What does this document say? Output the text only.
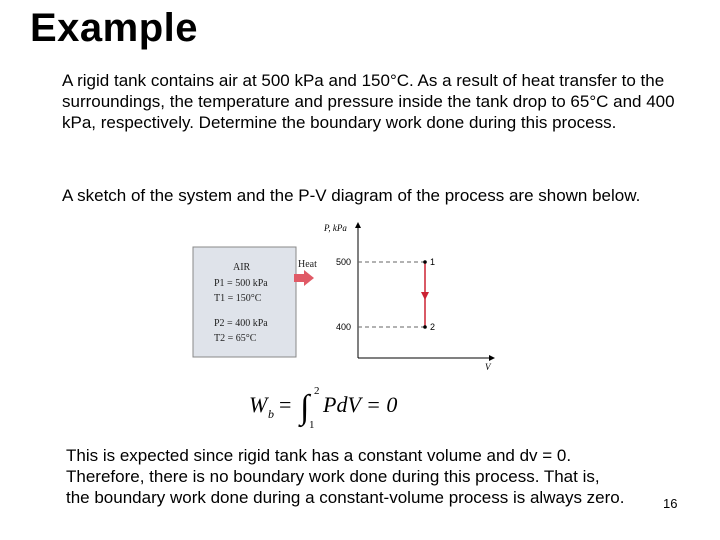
Example
A rigid tank contains air at 500 kPa and 150°C. As a result of heat transfer to the surroundings, the temperature and pressure inside the tank drop to 65°C and 400 kPa, respectively. Determine the boundary work done during this process.
A sketch of the system and the P-V diagram of the process are shown below.
AIR
P1 = 500 kPa
T1 = 150°C
P2 = 400 kPa
T2 = 65°C
Heat
P, kPa
V
500
400
1
2
W b = ∫ 2
1
PdV = 0
This is expected since rigid tank has a constant volume and dv = 0.
Therefore, there is no boundary work done during this process. That is,
the boundary work done during a constant-volume process is always zero.	16
